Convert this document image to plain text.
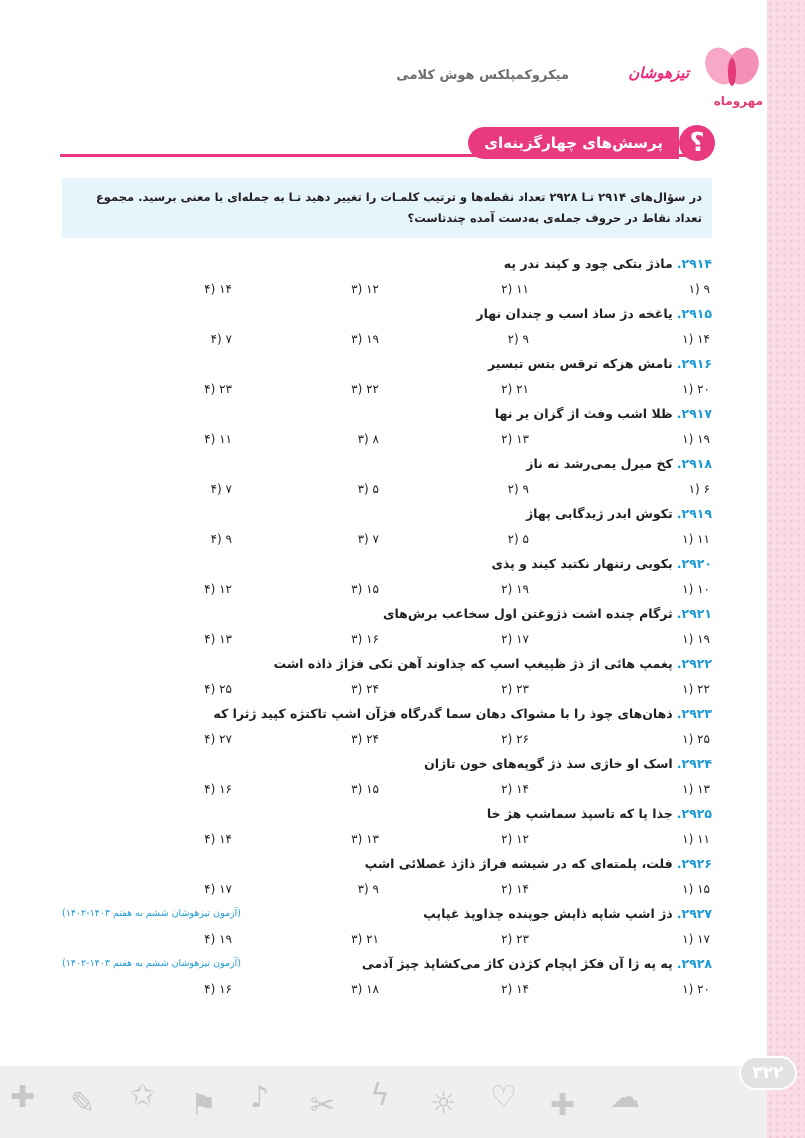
مهروماه
تیزهوشان
میکروکمپلکس هوش کلامی
؟
پرسش‌های چهارگزینه‌ای
در سؤال‌های ۲۹۱۴ تـا ۲۹۲۸ تعداد نقطه‌ها و ترتیب کلمـات را تغییر دهید تـا به جمله‌ای با معنی برسید. مجموع تعداد نقاط در حروف جمله‌ی به‌دست آمده چندتاست؟
۲۹۱۴.ماذژ بتکی چود و کپند ندر په
۹ (۱
۱۱ (۲
۱۲ (۳
۱۴ (۴
۲۹۱۵.یاغخه دژ ساذ اسب و چندان نهار
۱۴ (۱
۹ (۲
۱۹ (۳
۷ (۴
۲۹۱۶.نامش هزکه ترقس بتس تبسیر
۲۰ (۱
۲۱ (۲
۲۲ (۳
۲۳ (۴
۲۹۱۷.ظلا اشب وفث اژ گزان یر نها
۱۹ (۱
۱۳ (۲
۸ (۳
۱۱ (۴
۲۹۱۸.کخ میرل یمی‌رشد نه ناز
۶ (۱
۹ (۲
۵ (۳
۷ (۴
۲۹۱۹.تکوش ابدر ژیدگابی پهاژ
۱۱ (۱
۵ (۲
۷ (۳
۹ (۴
۲۹۲۰.بکوبی رتنهار نکتبد کیند و پذی
۱۰ (۱
۱۹ (۲
۱۵ (۳
۱۲ (۴
۲۹۲۱.ثرگام چنده اشت ذژوغتن اول سخاعب برش‌های
۱۹ (۱
۱۷ (۲
۱۶ (۳
۱۳ (۴
۲۹۲۲.پغمپ هائی اژ ذژ ظپیغپ اسپ که چذاوند آهن ثکی فژاژ ذاذه اشت
۲۲ (۱
۲۳ (۲
۲۴ (۳
۲۵ (۴
۲۹۲۳.ذهان‌های چوذ را با مشواک دهان سما گدرگاه فژآن اشپ تاکتژه کپید ژثرا که
۲۵ (۱
۲۶ (۲
۲۴ (۳
۲۷ (۴
۲۹۲۴.اسک او خاژی سذ ذژ گوپه‌های خون تاژان
۱۳ (۱
۱۴ (۲
۱۵ (۳
۱۶ (۴
۲۹۲۵.جذا پا که تاسپذ سماشپ هژ خا
۱۱ (۱
۱۲ (۲
۱۳ (۳
۱۴ (۴
۲۹۲۶.فلت، پلمته‌ای که در شیشه فراژ ذاژذ غصلائی اشپ
۱۵ (۱
۱۴ (۲
۹ (۳
۱۷ (۴
۲۹۲۷.ذژ اشپ شاپه ذاپش جوپنده چذاوپذ غپاپپ
(آزمون تیزهوشان ششم به هفتم ۱۴۰۳-۱۴۰۲)
۱۷ (۱
۲۳ (۲
۲۱ (۳
۱۹ (۴
۲۹۲۸.په په ژا آن فکژ اپچام کژذن کاژ می‌کشاپذ چپژ آذمی
(آزمون تیزهوشان ششم به هفتم ۱۴۰۳-۱۴۰۲)
۲۰ (۱
۱۴ (۲
۱۸ (۳
۱۶ (۴
✚ ✎ ✩ ⚑ ♪ ✂ ϟ ☼ ♡ ✚ ☁
۳۲۲
